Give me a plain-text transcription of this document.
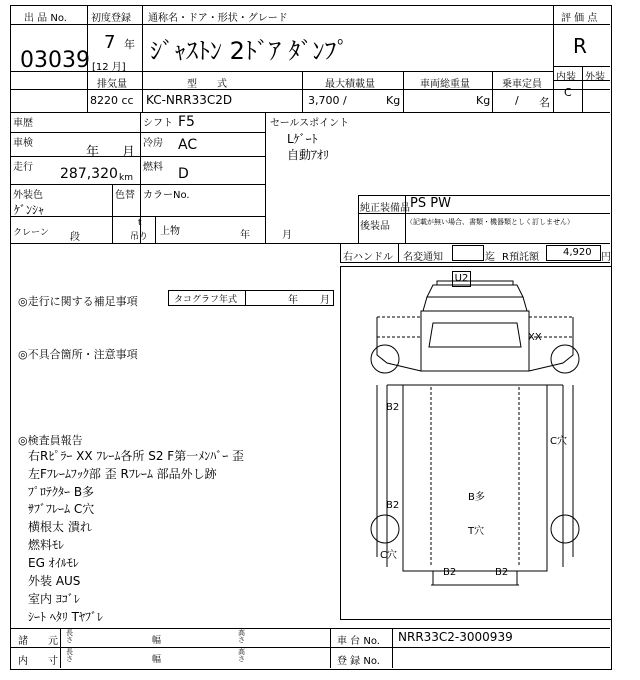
出 品 No.
03039
初度登録
7 年
[12 月]
通称名・ドア・形状・グレード
ｼﾞｬｽﾄﾝ 2ﾄﾞｱ ﾀﾞﾝﾌﾟ
評 価 点
R
内装 外装
C
排気量
8220 cc
型　　式
KC-NRR33C2D
最大積載量
3,700 /	Kg
車両総重量
Kg
乗車定員
/ 名
車歴	シフト F5
車検
年 月
冷房 AC
走行 287,320 km
燃料 D
外装色
ｹﾞﾝｼｬ
色替 カラーNo.
クレーン 段
t
吊り 上物	年	月
セールスポイント
Lｹﾞｰﾄ
自動ｱｵﾘ
純正装備品 PS PW
後装品 （記載が無い場合、書類・機器類としく訂しません）
右ハンドル 名変通知	迄 R預託額 4,920 円
◎走行に関する補足事項	タコグラフ年式	年 月
◎不具合箇所・注意事項
◎検査員報告
右Rﾋﾟﾗｰ XX ﾌﾚｰﾑ各所 S2 F第一ﾒﾝﾊﾞｰ 歪
左Fﾌﾚｰﾑﾌｯｸ部 歪 Rﾌﾚｰﾑ 部品外し跡
ﾌﾟﾛﾃｸﾀｰ B多
ｻﾌﾞﾌﾚｰﾑ C穴
横根太 潰れ
燃料ﾓﾚ
EG ｵｲﾙﾓﾚ
外装 AUS
室内 ﾖｺﾞﾚ
ｼｰﾄ ﾍﾀﾘ Tﾔﾌﾞﾚ
U2
XX
B2
C穴
B多
B2
T穴
C穴
B2	B2
諸　　元
内　　寸
長さ
長さ
幅
幅
高さ
高さ
車 台 No. NRR33C2-3000939
登 録 No.
